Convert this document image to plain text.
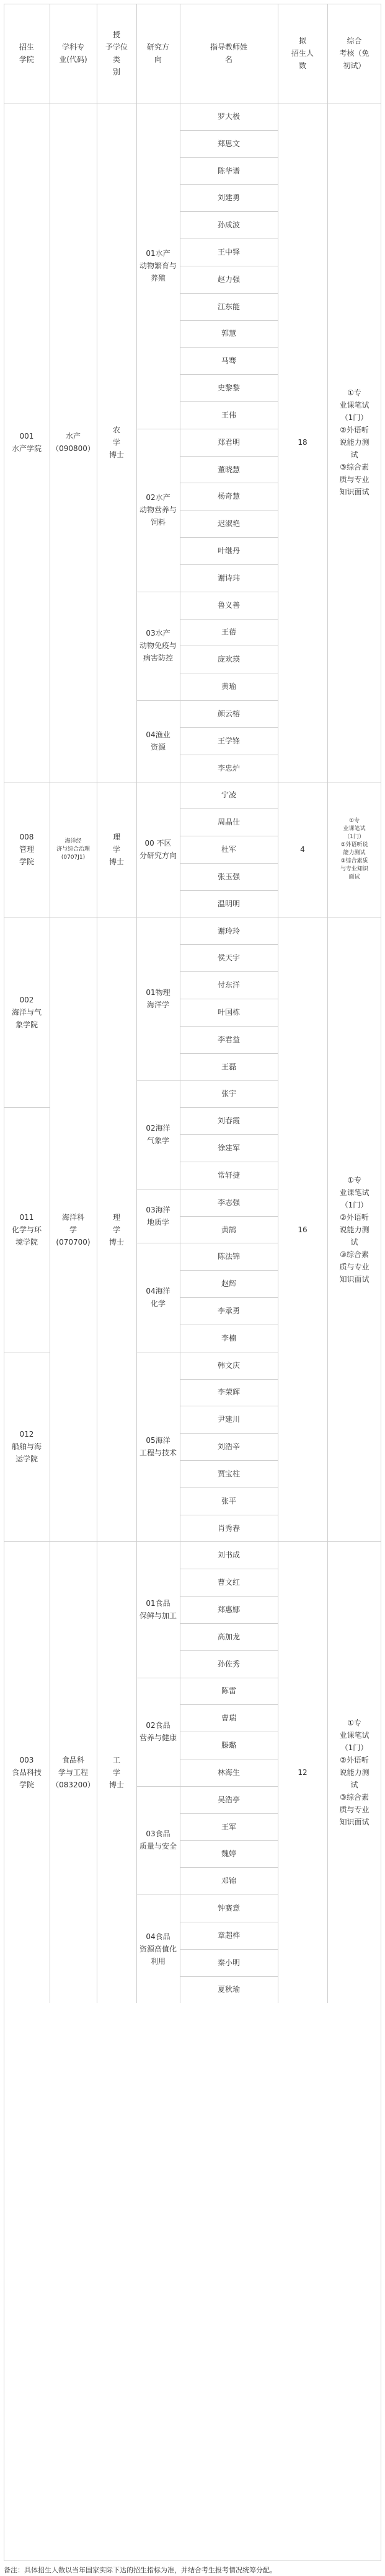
招生
学院
学科专
业(代码)
授
予学位
类
别
研究方
向
指导教师姓
名
拟
招生人
数
综合
考核（免
初试）
001
水产学院
水产
（090800）
农
学
博士
18
①专
业课笔试
（1门）
②外语听
说能力测
试
③综合素
质与专业
知识面试
01水产
动物繁育与
养殖
罗大极
郑思文
陈华谱
刘建勇
孙成波
王中铎
赵力强
江东能
郭慧
马骞
史黎黎
王伟
02水产
动物营养与
饲料
郑君明
董晓慧
杨奇慧
迟淑艳
叶继丹
谢诗玮
03水产
动物免疫与
病害防控
鲁义善
王蓓
庞欢瑛
黄瑜
04渔业
资源
颜云榕
王学锋
李忠炉
008
管理
学院
海洋经
济与综合治理
(0707J1)
理
学
博士
4
①专
业课笔试
（1门）
②外语听说
能力测试
③综合素质
与专业知识
面试
00 不区
分研究方向
宁凌
周晶仕
杜军
张玉强
温明明
002
海洋与气
象学院
011
化学与环
境学院
012
船舶与海
运学院
海洋科
学
(070700)
理
学
博士
16
①专
业课笔试
（1门）
②外语听
说能力测
试
③综合素
质与专业
知识面试
01物理
海洋学
谢玲玲
侯天宇
付东洋
叶国栋
李君益
王磊
02海洋
气象学
张宇
刘春霞
徐建军
常轩捷
03海洋
地质学
李志强
黄鹄
04海洋
化学
陈法锦
赵辉
李承勇
李楠
05海洋
工程与技术
韩文庆
李荣辉
尹建川
刘浩辛
贾宝柱
张平
肖秀春
003
食品科技
学院
食品科
学与工程
（083200）
工
学
博士
12
①专
业课笔试
（1门）
②外语听
说能力测
试
③综合素
质与专业
知识面试
01食品
保鲜与加工
刘书成
曹文红
郑惠娜
高加龙
孙佐秀
02食品
营养与健康
陈雷
曹瑞
滕璐
林海生
03食品
质量与安全
吴浩亭
王军
魏婷
邓锦
04食品
资源高值化
利用
钟赛意
章超桦
秦小明
夏秋瑜
备注：具体招生人数以当年国家实际下达的招生指标为准，并结合考生报考情况统筹分配。
